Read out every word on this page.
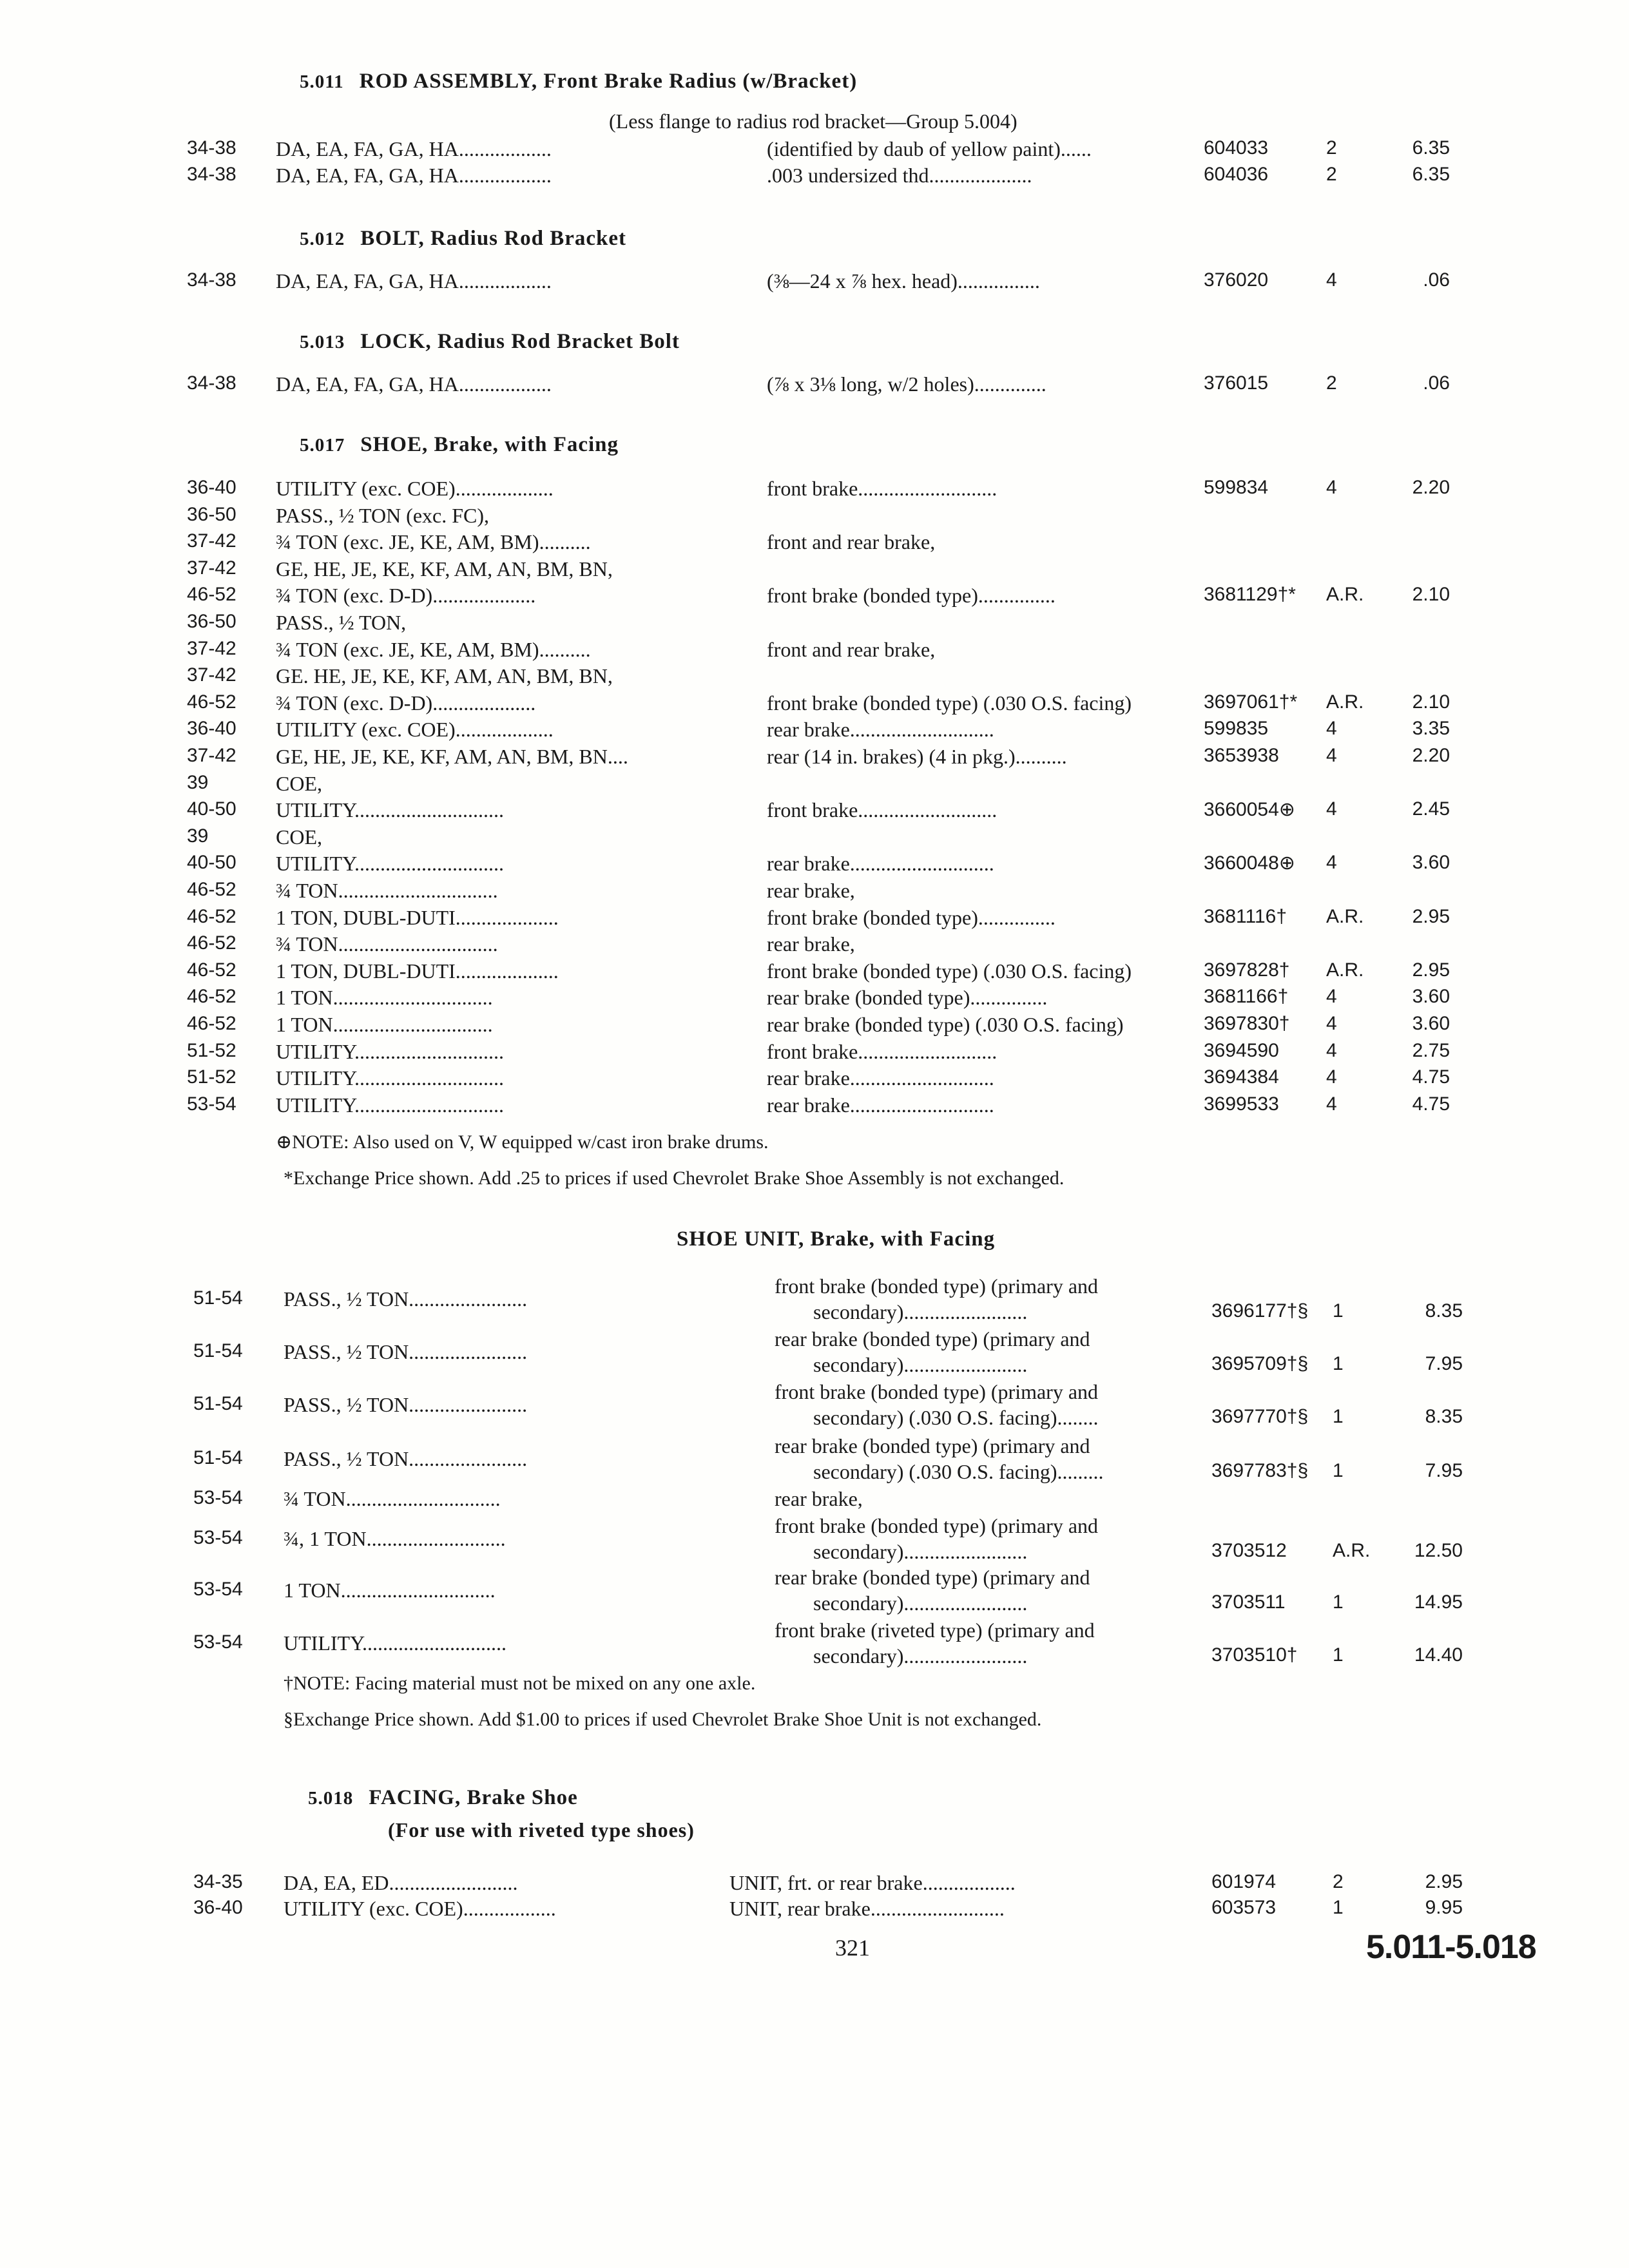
5.011 ROD ASSEMBLY, Front Brake Radius (w/Bracket)
(Less flange to radius rod bracket—Group 5.004)
34-38	DA, EA, FA, GA, HA..................	(identified by daub of yellow paint)......	604033	2	6.35
34-38	DA, EA, FA, GA, HA..................	.003 undersized thd....................	604036	2	6.35
5.012 BOLT, Radius Rod Bracket
34-38	DA, EA, FA, GA, HA..................	(⅜—24 x ⅞ hex. head)................	376020	4	.06
5.013 LOCK, Radius Rod Bracket Bolt
34-38	DA, EA, FA, GA, HA..................	(⅞ x 3⅛ long, w/2 holes)..............	376015	2	.06
5.017 SHOE, Brake, with Facing
36-40	UTILITY (exc. COE)...................	front brake...........................	599834	4	2.20
36-50	PASS., ½ TON (exc. FC),
37-42	¾ TON (exc. JE, KE, AM, BM)..........	front and rear brake,
37-42	GE, HE, JE, KE, KF, AM, AN, BM, BN,
46-52	¾ TON (exc. D-D)....................	front brake (bonded type)...............	3681129†*	A.R.	2.10
36-50	PASS., ½ TON,
37-42	¾ TON (exc. JE, KE, AM, BM)..........	front and rear brake,
37-42	GE. HE, JE, KE, KF, AM, AN, BM, BN,
46-52	¾ TON (exc. D-D)....................	front brake (bonded type) (.030 O.S. facing)	3697061†*	A.R.	2.10
36-40	UTILITY (exc. COE)...................	rear brake............................	599835	4	3.35
37-42	GE, HE, JE, KE, KF, AM, AN, BM, BN....	rear (14 in. brakes) (4 in pkg.)..........	3653938	4	2.20
39	COE,
40-50	UTILITY.............................	front brake...........................	3660054⊕	4	2.45
39	COE,
40-50	UTILITY.............................	rear brake............................	3660048⊕	4	3.60
46-52	¾ TON...............................	rear brake,
46-52	1 TON, DUBL-DUTI....................	front brake (bonded type)...............	3681116†	A.R.	2.95
46-52	¾ TON...............................	rear brake,
46-52	1 TON, DUBL-DUTI....................	front brake (bonded type) (.030 O.S. facing)	3697828†	A.R.	2.95
46-52	1 TON...............................	rear brake (bonded type)...............	3681166†	4	3.60
46-52	1 TON...............................	rear brake (bonded type) (.030 O.S. facing)	3697830†	4	3.60
51-52	UTILITY.............................	front brake...........................	3694590	4	2.75
51-52	UTILITY.............................	rear brake............................	3694384	4	4.75
53-54	UTILITY.............................	rear brake............................	3699533	4	4.75
⊕NOTE: Also used on V, W equipped w/cast iron brake drums.
*Exchange Price shown. Add .25 to prices if used Chevrolet Brake Shoe Assembly is not exchanged.
SHOE UNIT, Brake, with Facing
51-54	PASS., ½ TON.......................
front brake (bonded type) (primary and
secondary)........................	3696177†§	1	8.35
51-54	PASS., ½ TON.......................
rear brake (bonded type) (primary and
secondary)........................	3695709†§	1	7.95
51-54	PASS., ½ TON.......................
front brake (bonded type) (primary and
secondary) (.030 O.S. facing)........	3697770†§	1	8.35
51-54	PASS., ½ TON.......................
rear brake (bonded type) (primary and
secondary) (.030 O.S. facing).........	3697783†§	1	7.95
53-54	¾ TON..............................	rear brake,
53-54	¾, 1 TON...........................
front brake (bonded type) (primary and
secondary)........................	3703512	A.R.	12.50
53-54	1 TON..............................
rear brake (bonded type) (primary and
secondary)........................	3703511	1	14.95
53-54	UTILITY............................
front brake (riveted type) (primary and
secondary)........................	3703510†	1	14.40
†NOTE: Facing material must not be mixed on any one axle.
§Exchange Price shown. Add $1.00 to prices if used Chevrolet Brake Shoe Unit is not exchanged.
5.018 FACING, Brake Shoe
(For use with riveted type shoes)
34-35	DA, EA, ED.........................	UNIT, frt. or rear brake..................	601974	2	2.95
36-40	UTILITY (exc. COE)..................	UNIT, rear brake..........................	603573	1	9.95
321	5.011-5.018
